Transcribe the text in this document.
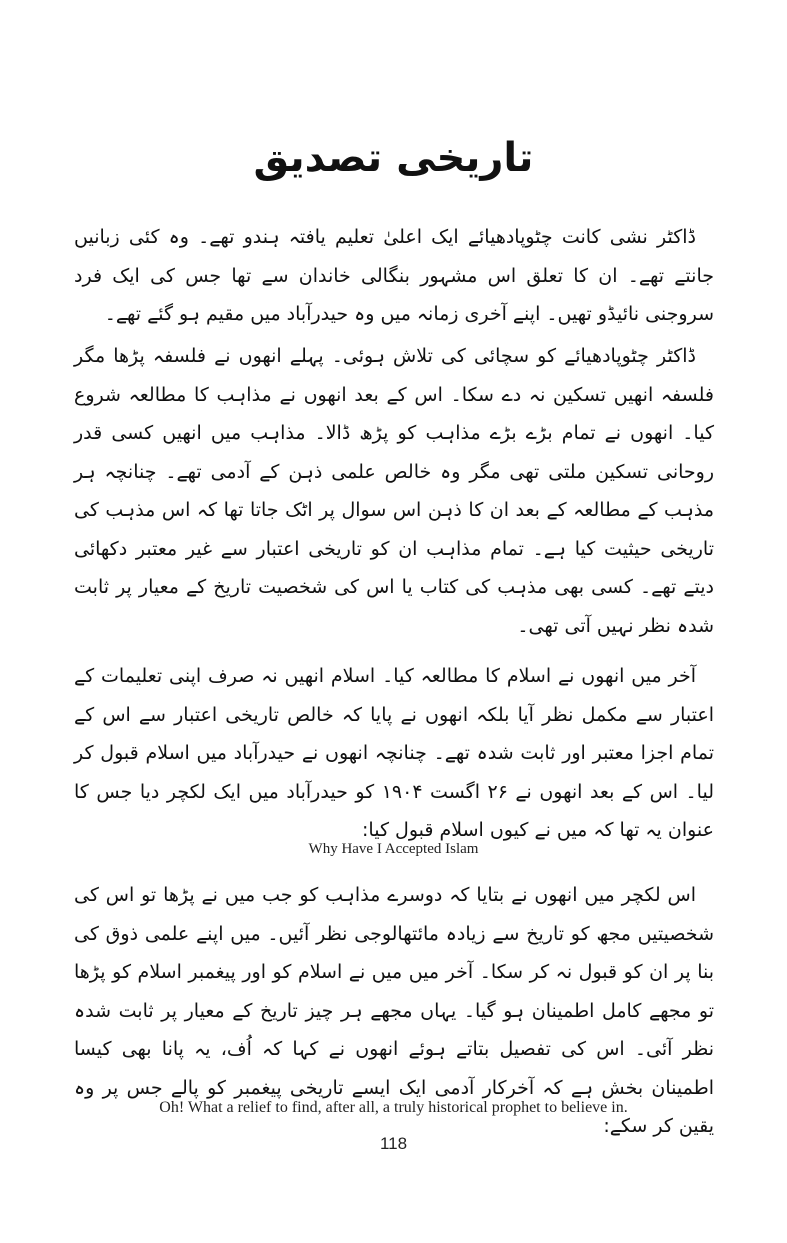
تاریخی تصدیق

ڈاکٹر نشی کانت چٹوپادھیائے ایک اعلیٰ تعلیم یافتہ ہندو تھے۔ وہ کئی زبانیں جانتے تھے۔ ان کا تعلق اس مشہور بنگالی خاندان سے تھا جس کی ایک فرد سروجنی نائیڈو تھیں۔ اپنے آخری زمانہ میں وہ حیدرآباد میں مقیم ہو گئے تھے۔

ڈاکٹر چٹوپادھیائے کو سچائی کی تلاش ہوئی۔ پہلے انھوں نے فلسفہ پڑھا مگر فلسفہ انھیں تسکین نہ دے سکا۔ اس کے بعد انھوں نے مذاہب کا مطالعہ شروع کیا۔ انھوں نے تمام بڑے بڑے مذاہب کو پڑھ ڈالا۔ مذاہب میں انھیں کسی قدر روحانی تسکین ملتی تھی مگر وہ خالص علمی ذہن کے آدمی تھے۔ چنانچہ ہر مذہب کے مطالعہ کے بعد ان کا ذہن اس سوال پر اٹک جاتا تھا کہ اس مذہب کی تاریخی حیثیت کیا ہے۔ تمام مذاہب ان کو تاریخی اعتبار سے غیر معتبر دکھائی دیتے تھے۔ کسی بھی مذہب کی کتاب یا اس کی شخصیت تاریخ کے معیار پر ثابت شدہ نظر نہیں آتی تھی۔

آخر میں انھوں نے اسلام کا مطالعہ کیا۔ اسلام انھیں نہ صرف اپنی تعلیمات کے اعتبار سے مکمل نظر آیا بلکہ انھوں نے پایا کہ خالص تاریخی اعتبار سے اس کے تمام اجزا معتبر اور ثابت شدہ تھے۔ چنانچہ انھوں نے حیدرآباد میں اسلام قبول کر لیا۔ اس کے بعد انھوں نے ۲۶ اگست ۱۹۰۴ کو حیدرآباد میں ایک لکچر دیا جس کا عنوان یہ تھا کہ میں نے کیوں اسلام قبول کیا:

Why Have I Accepted Islam

اس لکچر میں انھوں نے بتایا کہ دوسرے مذاہب کو جب میں نے پڑھا تو اس کی شخصیتیں مجھ کو تاریخ سے زیادہ مائتھالوجی نظر آئیں۔ میں اپنے علمی ذوق کی بنا پر ان کو قبول نہ کر سکا۔ آخر میں میں نے اسلام کو اور پیغمبر اسلام کو پڑھا تو مجھے کامل اطمینان ہو گیا۔ یہاں مجھے ہر چیز تاریخ کے معیار پر ثابت شدہ نظر آئی۔ اس کی تفصیل بتاتے ہوئے انھوں نے کہا کہ اُف، یہ پانا بھی کیسا اطمینان بخش ہے کہ آخرکار آدمی ایک ایسے تاریخی پیغمبر کو پالے جس پر وہ یقین کر سکے:

Oh! What a relief to find, after all, a truly historical prophet to believe in.
118
